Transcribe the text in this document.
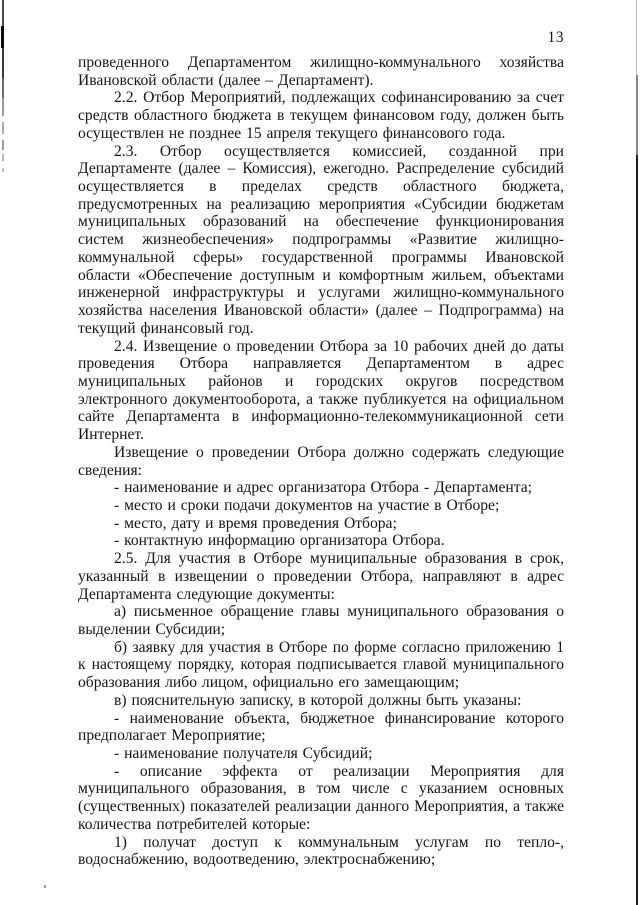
13

проведенного Департаментом жилищно-коммунального хозяйства Ивановской области (далее – Департамент).

2.2. Отбор Мероприятий, подлежащих софинансированию за счет средств областного бюджета в текущем финансовом году, должен быть осуществлен не позднее 15 апреля текущего финансового года.

2.3. Отбор осуществляется комиссией, созданной при Департаменте (далее – Комиссия), ежегодно. Распределение субсидий осуществляется в пределах средств областного бюджета, предусмотренных на реализацию мероприятия «Субсидии бюджетам муниципальных образований на обеспечение функционирования систем жизнеобеспечения» подпрограммы «Развитие жилищно-коммунальной сферы» государственной программы Ивановской области «Обеспечение доступным и комфортным жильем, объектами инженерной инфраструктуры и услугами жилищно-коммунального хозяйства населения Ивановской области» (далее – Подпрограмма) на текущий финансовый год.

2.4. Извещение о проведении Отбора за 10 рабочих дней до даты проведения Отбора направляется Департаментом в адрес муниципальных районов и городских округов посредством электронного документооборота, а также публикуется на официальном сайте Департамента в информационно-телекоммуникационной сети Интернет.

Извещение о проведении Отбора должно содержать следующие сведения:

- наименование и адрес организатора Отбора - Департамента;

- место и сроки подачи документов на участие в Отборе;

- место, дату и время проведения Отбора;

- контактную информацию организатора Отбора.

2.5. Для участия в Отборе муниципальные образования в срок, указанный в извещении о проведении Отбора, направляют в адрес Департамента следующие документы:

а) письменное обращение главы муниципального образования о выделении Субсидии;

б) заявку для участия в Отборе по форме согласно приложению 1 к настоящему порядку, которая подписывается главой муниципального образования либо лицом, официально его замещающим;

в) пояснительную записку, в которой должны быть указаны:

- наименование объекта, бюджетное финансирование которого предполагает Мероприятие;

- наименование получателя Субсидий;

- описание эффекта от реализации Мероприятия для муниципального образования, в том числе с указанием основных (существенных) показателей реализации данного Мероприятия, а также количества потребителей которые:

1) получат доступ к коммунальным услугам по тепло-, водоснабжению, водоотведению, электроснабжению;
